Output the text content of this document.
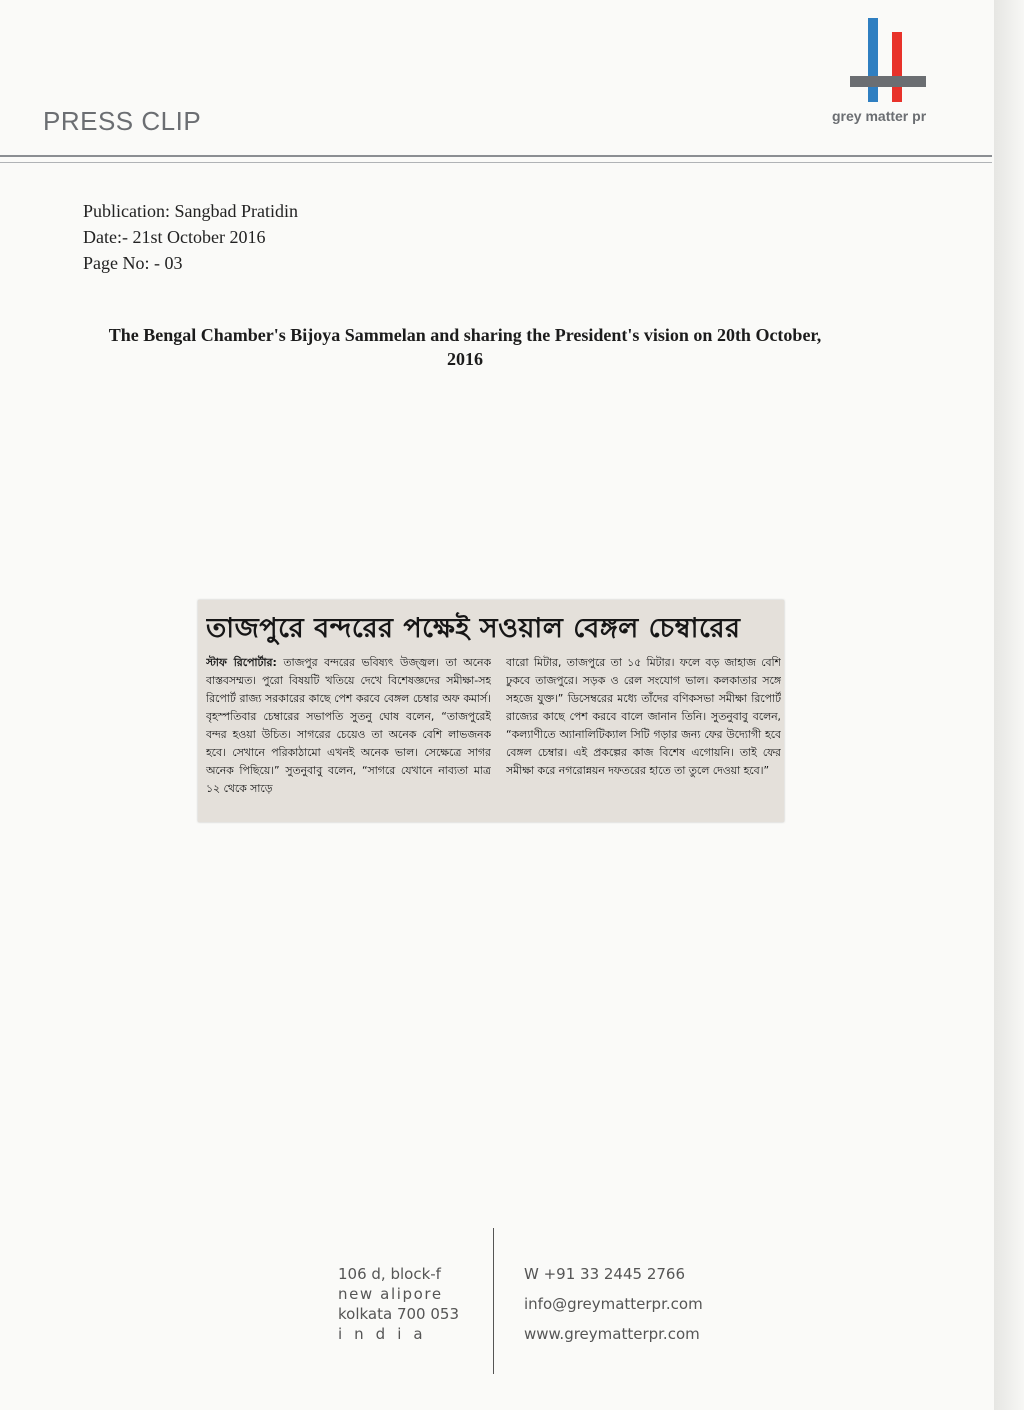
PRESS CLIP	grey matter pr
Publication: Sangbad Pratidin
Date:- 21st October 2016
Page No: - 03
The Bengal Chamber's Bijoya Sammelan and sharing the President's vision on 20th October, 2016
তাজপুরে বন্দরের পক্ষেই সওয়াল বেঙ্গল চেম্বারের
স্টাফ রিপোর্টার: তাজপুর বন্দরের ভবিষ্যৎ উজ্জ্বল। তা অনেক বাস্তবসম্মত। পুরো বিষয়টি খতিয়ে দেখে বিশেষজ্ঞদের সমীক্ষা-সহ রিপোর্ট রাজ্য সরকারের কাছে পেশ করবে বেঙ্গল চেম্বার অফ কমার্স। বৃহস্পতিবার চেম্বারের সভাপতি সুতনু ঘোষ বলেন, “তাজপুরেই বন্দর হওয়া উচিত। সাগরের চেয়েও তা অনেক বেশি লাভজনক হবে। সেখানে পরিকাঠামো এখনই অনেক ভাল। সেক্ষেত্রে সাগর অনেক পিছিয়ে।” সুতনুবাবু বলেন, “সাগরে যেখানে নাব্যতা মাত্র ১২ থেকে সাড়ে
বারো মিটার, তাজপুরে তা ১৫ মিটার। ফলে বড় জাহাজ বেশি ঢুকবে তাজপুরে। সড়ক ও রেল সংযোগ ভাল। কলকাতার সঙ্গে সহজে যুক্ত।” ডিসেম্বরের মধ্যে তাঁদের বণিকসভা সমীক্ষা রিপোর্ট রাজ্যের কাছে পেশ করবে বালে জানান তিনি। সুতনুবাবু বলেন, “কল্যাণীতে অ্যানালিটিক্যাল সিটি গড়ার জন্য ফের উদ্যোগী হবে বেঙ্গল চেম্বার। এই প্রকল্পের কাজ বিশেষ এগোয়নি। তাই ফের সমীক্ষা করে নগরোন্নয়ন দফতরের হাতে তা তুলে দেওয়া হবে।”
106 d, block-f
new alipore
kolkata 700 053
india
W +91 33 2445 2766
info@greymatterpr.com
www.greymatterpr.com
